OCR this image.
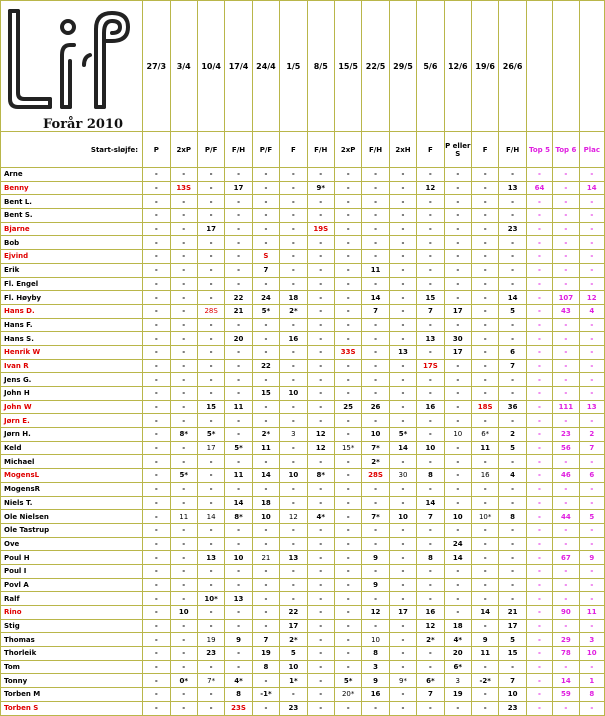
Forår 2010	27/3	3/4	10/4	17/4	24/4	1/5	8/5	15/5	22/5	29/5	5/6	12/6	19/6	26/6			
Start-sløjfe:	P	2xP	P/F	F/H	P/F	F	F/H	2xP	F/H	2xH	F	P eller S	F	F/H	Top 5	Top 6	Plac
Arne	-	-	-	-	-	-	-	-	-	-	-	-	-	-	-	-	-
Benny	-	13S	-	17	-	-	9*	-	-	-	12	-	-	13	64	-	14
Bent L.	-	-	-	-	-	-	-	-	-	-	-	-	-	-	-	-	-
Bent S.	-	-	-	-	-	-	-	-	-	-	-	-	-	-	-	-	-
Bjarne	-	-	17	-	-	-	19S	-	-	-	-	-	-	23	-	-	-
Bob	-	-	-	-	-	-	-	-	-	-	-	-	-	-	-	-	-
Ejvind	-	-	-	-	S	-	-	-	-	-	-	-	-	-	-	-	-
Erik	-	-	-	-	7	-	-	-	11	-	-	-	-	-	-	-	-
Fl. Engel	-	-	-	-	-	-	-	-	-	-	-	-	-	-	-	-	-
Fl. Høyby	-	-	-	22	24	18	-	-	14	-	15	-	-	14	-	107	12
Hans D.	-	-	28S	21	5*	2*	-	-	7	-	7	17	-	5	-	43	4
Hans F.	-	-	-	-	-	-	-	-	-	-	-	-	-	-	-	-	-
Hans S.	-	-	-	20	-	16	-	-	-	-	13	30	-	-	-	-	-
Henrik W	-	-	-	-	-	-	-	33S	-	13	-	17	-	6	-	-	-
Ivan R	-	-	-	-	22	-	-	-	-	-	17S	-	-	7	-	-	-
Jens G.	-	-	-	-	-	-	-	-	-	-	-	-	-	-	-	-	-
John H	-	-	-	-	15	10	-	-	-	-	-	-	-	-	-	-	-
John W	-	-	15	11	-	-	-	25	26	-	16	-	18S	36	-	111	13
Jørn E.	-	-	-	-	-	-	-	-	-	-	-	-	-	-	-	-	-
Jørn H.	-	8*	5*	-	2*	3	12	-	10	5*	-	10	6*	2	-	23	2
Keld	-	-	17	5*	11	-	12	15*	7*	14	10	-	11	5	-	56	7
Michael	-	-	-	-	-	-	-	-	2*	-	-	-	-	-	-	-	-
MogensL	-	5*	-	11	14	10	8*	-	28S	30	8	-	16	4	-	46	6
MogensR	-	-	-	-	-	-	-	-	-	-	-	-	-	-	-	-	-
Niels T.	-	-	-	14	18	-	-	-	-	-	14	-	-	-	-	-	-
Ole Nielsen	-	11	14	8*	10	12	4*	-	7*	10	7	10	10*	8	-	44	5
Ole Tastrup	-	-	-	-	-	-	-	-	-	-	-	-	-	-	-	-	-
Ove	-	-	-	-	-	-	-	-	-	-	-	24	-	-	-	-	-
Poul H	-	-	13	10	21	13	-	-	9	-	8	14	-	-	-	67	9
Poul I	-	-	-	-	-	-	-	-	-	-	-	-	-	-	-	-	-
Povl A	-	-	-	-	-	-	-	-	9	-	-	-	-	-	-	-	-
Ralf	-	-	10*	13	-	-	-	-	-	-	-	-	-	-	-	-	-
Rino	-	10	-	-	-	22	-	-	12	17	16	-	14	21	-	90	11
Stig	-	-	-	-	-	17	-	-	-	-	12	18	-	17	-	-	-
Thomas	-	-	19	9	7	2*	-	-	10	-	2*	4*	9	5	-	29	3
Thorleik	-	-	23	-	19	5	-	-	8	-	-	20	11	15	-	78	10
Tom	-	-	-	-	8	10	-	-	3	-	-	6*	-	-	-	-	-
Tonny	-	0*	7*	4*	-	1*	-	5*	9	9*	6*	3	-2*	7	-	14	1
Torben M	-	-	-	8	-1*	-	-	20*	16	-	7	19	-	10	-	59	8
Torben S	-	-	-	23S	-	23	-	-	-	-	-	-	-	23	-	-	-
